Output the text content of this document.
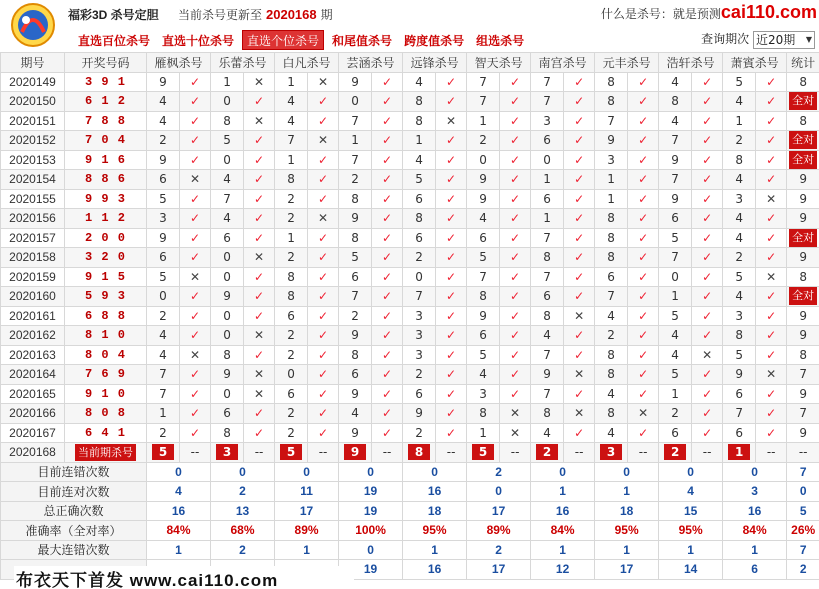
福彩3D 杀号定胆 当前杀号更新至 2020168 期	什么是杀号：就是预测cai110.com
直选百位杀号 直选十位杀号 直选个位杀号 和尾值杀号 跨度值杀号 组选杀号	查询期次 近20期 ▼
期号	开奖号码	雁枫杀号		乐蕾杀号		白凡杀号		芸涵杀号		远锋杀号		智天杀号		南宫杀号		元丰杀号		浩轩杀号		萧賓杀号		统计
2020149	3 9 1	9	✓	1	✕	1	✕	9	✓	4	✓	7	✓	7	✓	8	✓	4	✓	5	✓	8
2020150	6 1 2	4	✓	0	✓	4	✓	0	✓	8	✓	7	✓	7	✓	8	✓	8	✓	4	✓	全对
2020151	7 8 8	4	✓	8	✕	4	✓	7	✓	8	✕	1	✓	3	✓	7	✓	4	✓	1	✓	8
2020152	7 0 4	2	✓	5	✓	7	✕	1	✓	1	✓	2	✓	6	✓	9	✓	7	✓	2	✓	全对
2020153	9 1 6	9	✓	0	✓	1	✓	7	✓	4	✓	0	✓	0	✓	3	✓	9	✓	8	✓	全对
2020154	8 8 6	6	✕	4	✓	8	✓	2	✓	5	✓	9	✓	1	✓	1	✓	7	✓	4	✓	9
2020155	9 9 3	5	✓	7	✓	2	✓	8	✓	6	✓	9	✓	6	✓	1	✓	9	✓	3	✕	9
2020156	1 1 2	3	✓	4	✓	2	✕	9	✓	8	✓	4	✓	1	✓	8	✓	6	✓	4	✓	9
2020157	2 0 0	9	✓	6	✓	1	✓	8	✓	6	✓	6	✓	7	✓	8	✓	5	✓	4	✓	全对
2020158	3 2 0	6	✓	0	✕	2	✓	5	✓	2	✓	5	✓	8	✓	8	✓	7	✓	2	✓	9
2020159	9 1 5	5	✕	0	✓	8	✓	6	✓	0	✓	7	✓	7	✓	6	✓	0	✓	5	✕	8
2020160	5 9 3	0	✓	9	✓	8	✓	7	✓	7	✓	8	✓	6	✓	7	✓	1	✓	4	✓	全对
2020161	6 8 8	2	✓	0	✓	6	✓	2	✓	3	✓	9	✓	8	✕	4	✓	5	✓	3	✓	9
2020162	8 1 0	4	✓	0	✕	2	✓	9	✓	3	✓	6	✓	4	✓	2	✓	4	✓	8	✓	9
2020163	8 0 4	4	✕	8	✓	2	✓	8	✓	3	✓	5	✓	7	✓	8	✓	4	✕	5	✓	8
2020164	7 6 9	7	✓	9	✕	0	✓	6	✓	2	✓	4	✓	9	✕	8	✓	5	✓	9	✕	7
2020165	9 1 0	7	✓	0	✕	6	✓	9	✓	6	✓	3	✓	7	✓	4	✓	1	✓	6	✓	9
2020166	8 0 8	1	✓	6	✓	2	✓	4	✓	9	✓	8	✕	8	✕	8	✕	2	✓	7	✓	7
2020167	6 4 1	2	✓	8	✓	2	✓	9	✓	2	✓	1	✕	4	✓	4	✓	6	✓	6	✓	9
2020168	当前期杀号	5	--	3	--	5	--	9	--	8	--	5	--	2	--	3	--	2	--	1	--	--
目前连错次数		0		0		0		0		0		2		0		0		0		0		7
目前连对次数		4		2		11		19		16		0		1		1		4		3		0
总正确次数		16		13		17		19		18		17		16		18		15		16		5
准确率（全对率）		84%		68%		89%		100%		95%		89%		84%		95%		95%		84%		26%
最大连错次数		1		2		1		0		1		2		1		1		1		1		7
								19		16		17		12		17		14		6		2
布衣天下首发 www.cai110.com
